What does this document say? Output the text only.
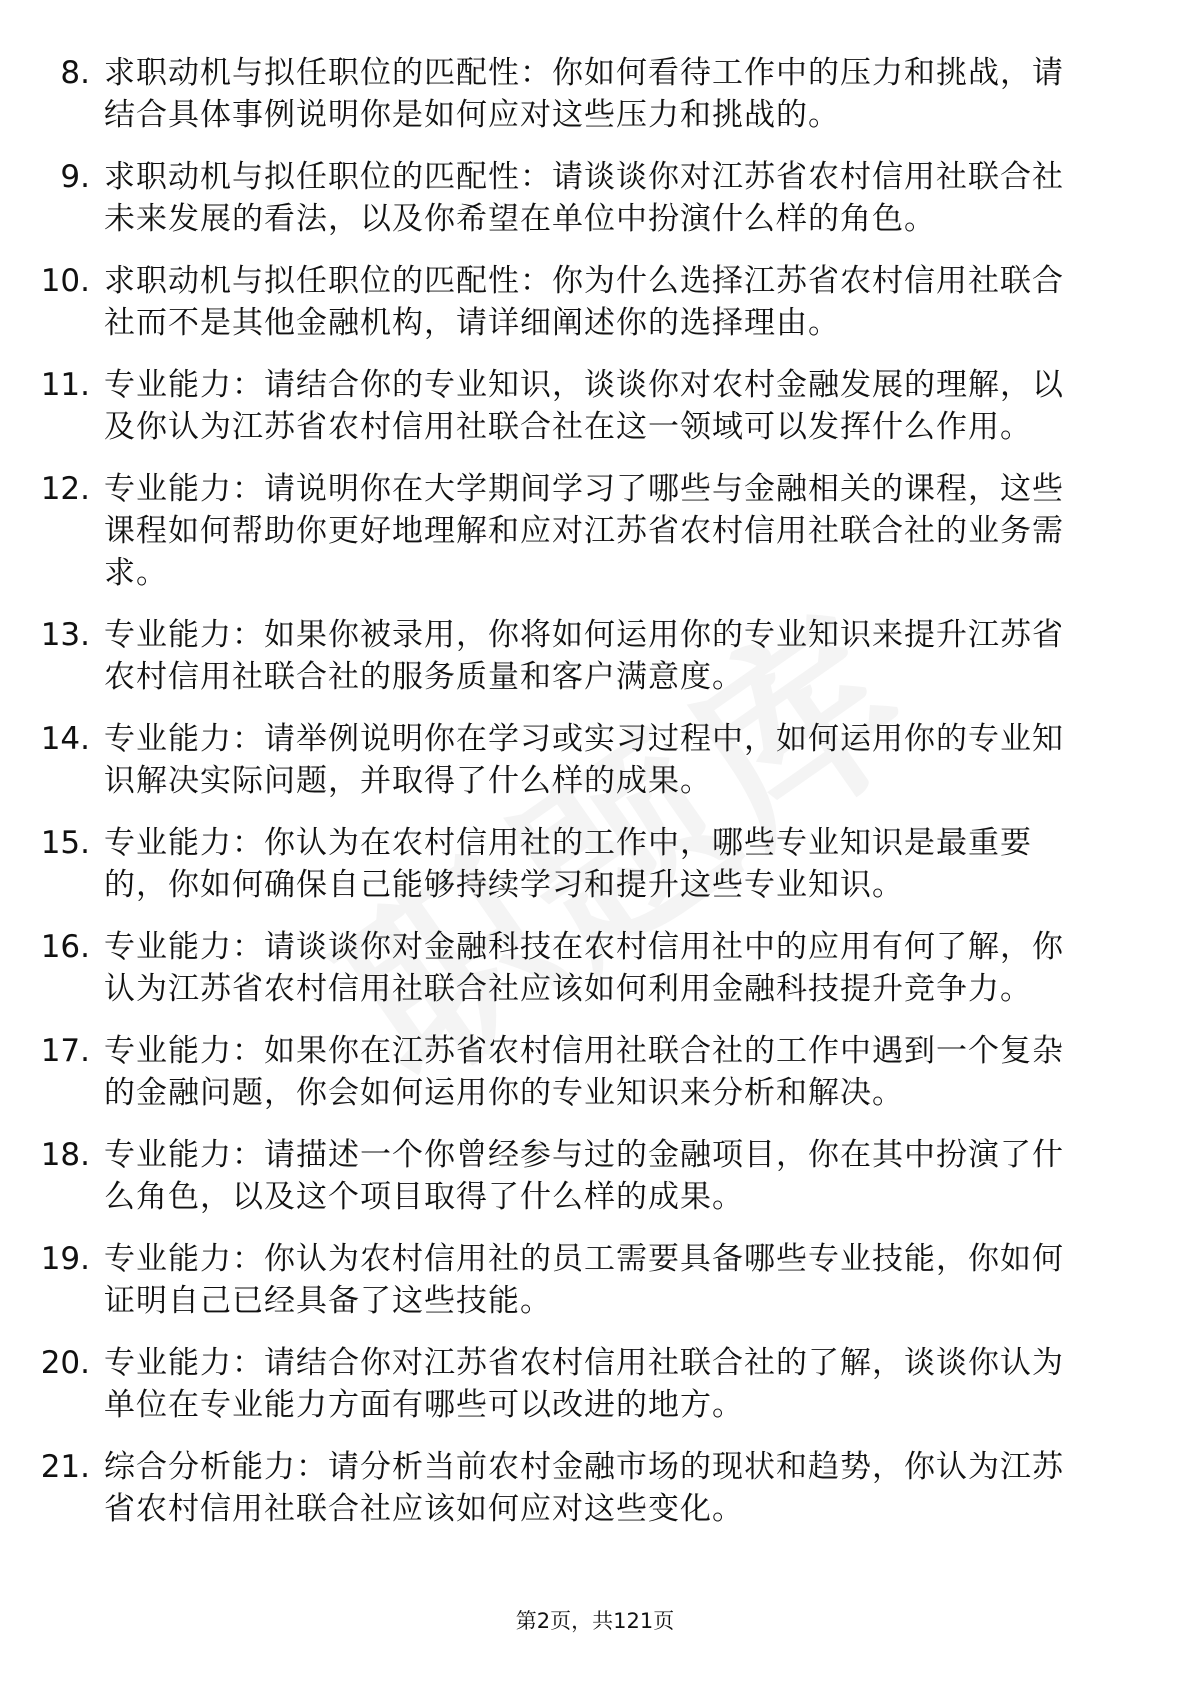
8. 求职动机与拟任职位的匹配性：你如何看待工作中的压力和挑战，请结合具体事例说明你是如何应对这些压力和挑战的。
9. 求职动机与拟任职位的匹配性：请谈谈你对江苏省农村信用社联合社未来发展的看法，以及你希望在单位中扮演什么样的角色。
10. 求职动机与拟任职位的匹配性：你为什么选择江苏省农村信用社联合社而不是其他金融机构，请详细阐述你的选择理由。
11. 专业能力：请结合你的专业知识，谈谈你对农村金融发展的理解，以及你认为江苏省农村信用社联合社在这一领域可以发挥什么作用。
12. 专业能力：请说明你在大学期间学习了哪些与金融相关的课程，这些课程如何帮助你更好地理解和应对江苏省农村信用社联合社的业务需求。
13. 专业能力：如果你被录用，你将如何运用你的专业知识来提升江苏省农村信用社联合社的服务质量和客户满意度。
14. 专业能力：请举例说明你在学习或实习过程中，如何运用你的专业知识解决实际问题，并取得了什么样的成果。
15. 专业能力：你认为在农村信用社的工作中，哪些专业知识是最重要的，你如何确保自己能够持续学习和提升这些专业知识。
16. 专业能力：请谈谈你对金融科技在农村信用社中的应用有何了解，你认为江苏省农村信用社联合社应该如何利用金融科技提升竞争力。
17. 专业能力：如果你在江苏省农村信用社联合社的工作中遇到一个复杂的金融问题，你会如何运用你的专业知识来分析和解决。
18. 专业能力：请描述一个你曾经参与过的金融项目，你在其中扮演了什么角色，以及这个项目取得了什么样的成果。
19. 专业能力：你认为农村信用社的员工需要具备哪些专业技能，你如何证明自己已经具备了这些技能。
20. 专业能力：请结合你对江苏省农村信用社联合社的了解，谈谈你认为单位在专业能力方面有哪些可以改进的地方。
21. 综合分析能力：请分析当前农村金融市场的现状和趋势，你认为江苏省农村信用社联合社应该如何应对这些变化。
第2页，共121页
